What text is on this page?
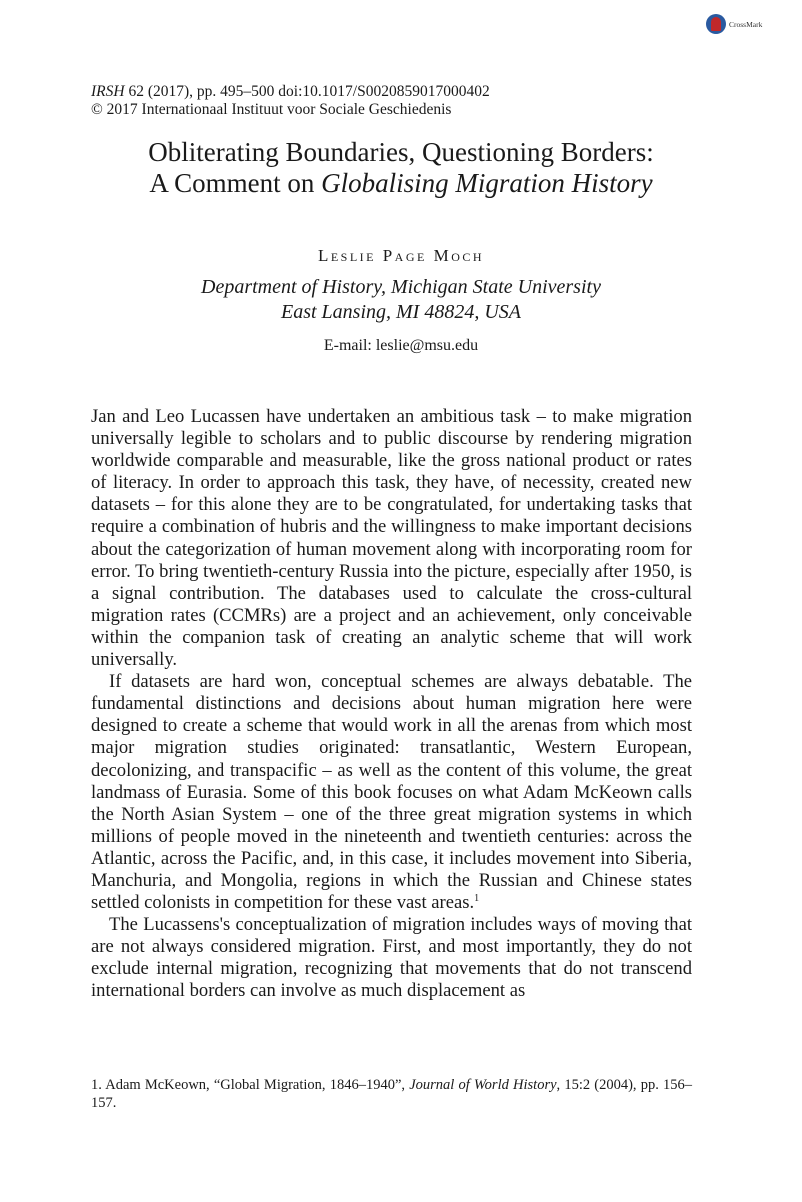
CrossMark
IRSH 62 (2017), pp. 495–500 doi:10.1017/S0020859017000402
© 2017 Internationaal Instituut voor Sociale Geschiedenis
Obliterating Boundaries, Questioning Borders:
A Comment on Globalising Migration History
Leslie Page Moch
Department of History, Michigan State University
East Lansing, MI 48824, USA
E-mail: leslie@msu.edu

Jan and Leo Lucassen have undertaken an ambitious task – to make migration universally legible to scholars and to public discourse by rendering migration worldwide comparable and measurable, like the gross national product or rates of literacy. In order to approach this task, they have, of necessity, created new datasets – for this alone they are to be congratulated, for undertaking tasks that require a combination of hubris and the willingness to make important decisions about the categorization of human movement along with incorporating room for error. To bring twentieth-century Russia into the picture, especially after 1950, is a signal contribution. The databases used to calculate the cross-cultural migration rates (CCMRs) are a project and an achievement, only conceivable within the companion task of creating an analytic scheme that will work universally.

If datasets are hard won, conceptual schemes are always debatable. The fundamental distinctions and decisions about human migration here were designed to create a scheme that would work in all the arenas from which most major migration studies originated: transatlantic, Western European, decolonizing, and transpacific – as well as the content of this volume, the great landmass of Eurasia. Some of this book focuses on what Adam McKeown calls the North Asian System – one of the three great migration systems in which millions of people moved in the nineteenth and twentieth centuries: across the Atlantic, across the Pacific, and, in this case, it includes movement into Siberia, Manchuria, and Mongolia, regions in which the Russian and Chinese states settled colonists in competition for these vast areas.$^1$

The Lucassens's conceptualization of migration includes ways of moving that are not always considered migration. First, and most importantly, they do not exclude internal migration, recognizing that movements that do not transcend international borders can involve as much displacement as

1. Adam McKeown, “Global Migration, 1846–1940”, Journal of World History, 15:2 (2004), pp. 156–157.
